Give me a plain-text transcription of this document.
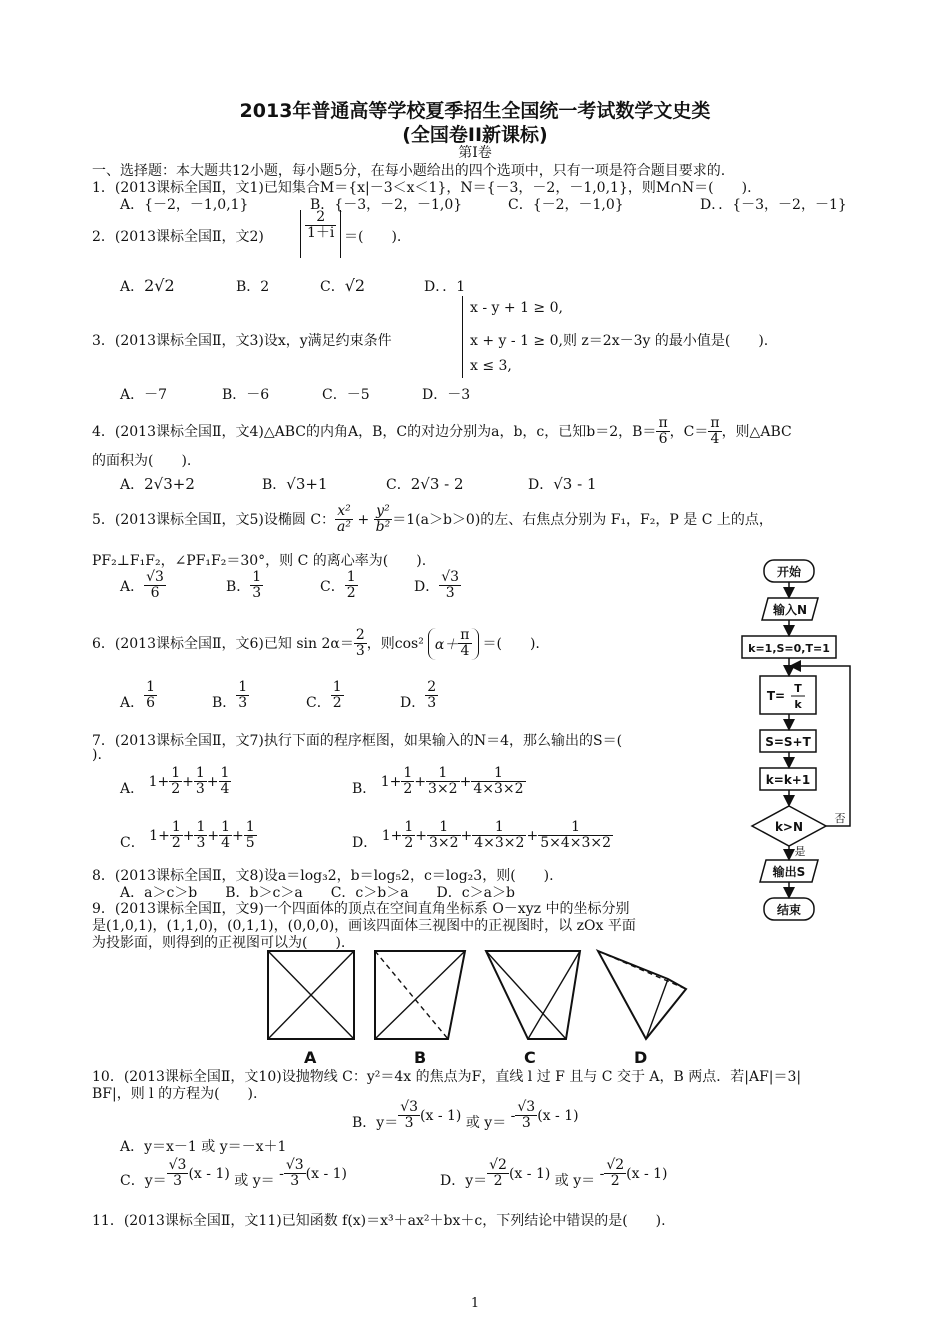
2013年普通高等学校夏季招生全国统一考试数学文史类
(全国卷II新课标)
第Ⅰ卷
一、选择题：本大题共12小题，每小题5分，在每小题给出的四个选项中，只有一项是符合题目要求的.
1．(2013课标全国Ⅱ，文1)已知集合M＝{x|－3＜x＜1}，N＝{－3，－2，－1,0,1}，则M∩N＝(　　).
A．{－2，－1,0,1}	B．{－3，－2，－1,0}	C．{－2，－1,0}	D．．{－3，－2，－1}
2．(2013课标全国Ⅱ，文2)	$\frac{2}{1+i}$ ＝(　　).
A．2√2	B．2	C．√2	D．．1
3．(2013课标全国Ⅱ，文3)设x，y满足约束条件
x - y + 1 ≥ 0,
x + y - 1 ≥ 0,则 z＝2x－3y 的最小值是(　　).
x ≤ 3,
A．－7	B．－6	C．－5	D．－3
4．(2013课标全国Ⅱ，文4)△ABC的内角A，B，C的对边分别为a，b，c，已知b＝2，$B= \frac{\pi}{6}$ ，$C= \frac{\pi}{4}$ ，则△ABC
的面积为(　　).
A．2√3+2	B．√3+1	C．2√3 - 2	D．√3 - 1
5．(2013课标全国Ⅱ，文5)设椭圆 C： $\frac{\text{x²}}{\text{a²}} + \frac{\text{y²}}{\text{b²}} =1(a>b>0)$的左、右焦点分别为 F₁，F₂，P 是 C 上的点，
PF₂⊥F₁F₂，∠PF₁F₂＝30°，则 C 的离心率为(　　).
A． $\frac{√3}{6}$	B． $\frac{1}{3}$	C． $\frac{1}{2}$	D． $\frac{√3}{3}$
6．(2013课标全国Ⅱ，文6)已知 $\sin 2\alpha= \frac{2}{3}$ ，则cos² $\alpha+ \frac{\pi}{4}$ ＝(　　).
A． $\frac{1}{6}$	B． $\frac{1}{3}$	C． $\frac{1}{2}$	D． $\frac{2}{3}$
7．(2013课标全国Ⅱ，文7)执行下面的程序框图，如果输入的N＝4，那么输出的S＝(
).
A． $1+ \frac{1}{2} + \frac{1}{3} + \frac{1}{4}$	B． $1+ \frac{1}{2} + \frac{1}{3\times 2} + \frac{1}{4\times 3\times 2}$
C． $1+ \frac{1}{2} + \frac{1}{3} + \frac{1}{4} + \frac{1}{5}$	D． $1+ \frac{1}{2} + \frac{1}{3\times 2} + \frac{1}{4\times 3\times 2} + \frac{1}{5\times 4\times 3\times 2}$
8．(2013课标全国Ⅱ，文8)设a＝log₃2，b＝log₅2，c＝log₂3，则(　　).
A．a＞c＞b　　B．b＞c＞a　　C．c＞b＞a　　D．c＞a＞b
9．(2013课标全国Ⅱ，文9)一个四面体的顶点在空间直角坐标系 O－xyz 中的坐标分别
是(1,0,1)，(1,1,0)，(0,1,1)，(0,0,0)，画该四面体三视图中的正视图时，以 zOx 平面
为投影面，则得到的正视图可以为(　　).
A	B	C	D
10．(2013课标全国Ⅱ，文10)设抛物线 C：y²＝4x 的焦点为F，直线 l 过 F 且与 C 交于 A，B 两点．若|AF|＝3|
BF|，则 l 的方程为(　　).
A．y＝x－1 或 y＝－x＋1
B．$y= \frac{√3}{3} (x - 1)$ 或 $y= - \frac{√3}{3} (x - 1)$
C．$y= \frac{√3}{3} (x - 1)$ 或 $y= - \frac{√3}{3} (x - 1)$	D．$y= \frac{√2}{2} (x - 1)$ 或 $y= - \frac{√2}{2} (x - 1)$
11．(2013课标全国Ⅱ，文11)已知函数 f(x)＝x³＋ax²＋bx＋c，下列结论中错误的是(　　).
开始
输入N
k=1,S=0,T=1
T=
T
k
S=S+T
k=k+1
k>N
否
是
输出S
结束
1
